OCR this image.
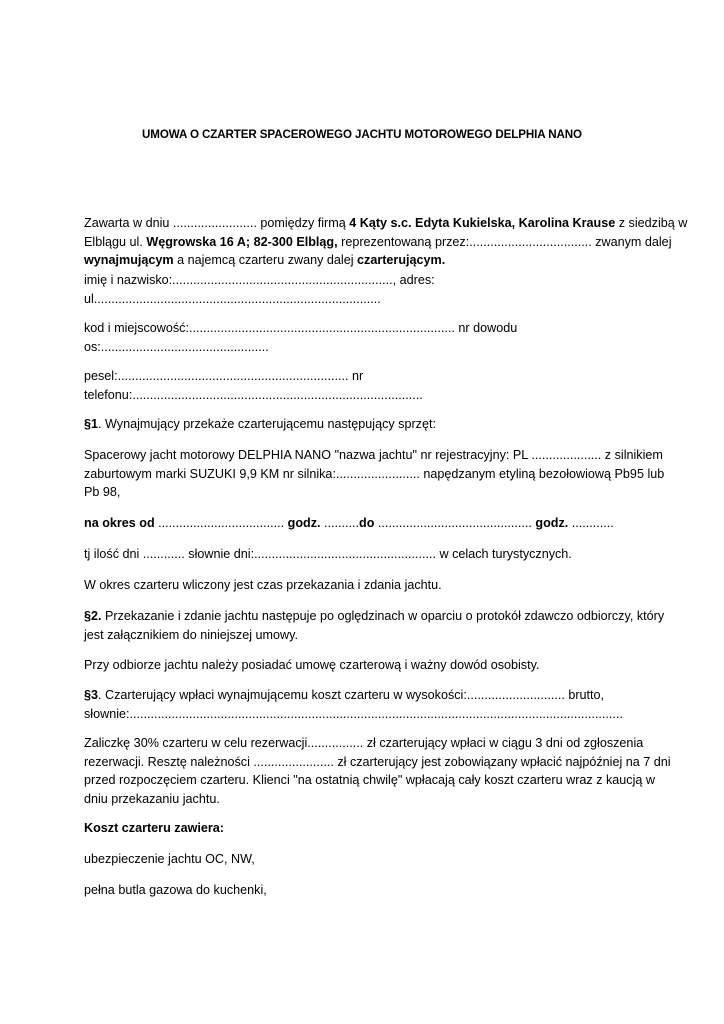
UMOWA O CZARTER SPACEROWEGO JACHTU MOTOROWEGO DELPHIA NANO
Zawarta w dniu ........................ pomiędzy firmą 4 Kąty s.c. Edyta Kukielska, Karolina Krause z siedzibą w
Elblągu ul. Węgrowska 16 A; 82-300 Elbląg, reprezentowaną przez:................................... zwanym dalej
wynajmującym a najemcą czarteru zwany dalej czarterującym.
imię i nazwisko:..............................................................., adres:
ul..................................................................................
kod i miejscowość:............................................................................ nr dowodu
os:................................................
pesel:.................................................................. nr
telefonu:...................................................................................
§1. Wynajmujący przekaże czarterującemu następujący sprzęt:
Spacerowy jacht motorowy DELPHIA NANO "nazwa jachtu" nr rejestracyjny: PL .................... z silnikiem
zaburtowym marki SUZUKI 9,9 KM nr silnika:........................ napędzanym etyliną bezołowiową Pb95 lub
Pb 98,
na okres od .................................... godz. ..........do ............................................ godz. ............
tj ilość dni ............ słownie dni:.................................................... w celach turystycznych.
W okres czarteru wliczony jest czas przekazania i zdania jachtu.
§2. Przekazanie i zdanie jachtu następuje po oględzinach w oparciu o protokół zdawczo odbiorczy, który
jest załącznikiem do niniejszej umowy.
Przy odbiorze jachtu należy posiadać umowę czarterową i ważny dowód osobisty.
§3. Czarterujący wpłaci wynajmującemu koszt czarteru w wysokości:............................ brutto,
słownie:.............................................................................................................................................
Zaliczkę 30% czarteru w celu rezerwacji................ zł czarterujący wpłaci w ciągu 3 dni od zgłoszenia
rezerwacji. Resztę należności ....................... zł czarterujący jest zobowiązany wpłacić najpóźniej na 7 dni
przed rozpoczęciem czarteru. Klienci "na ostatnią chwilę" wpłacają cały koszt czarteru wraz z kaucją w
dniu przekazaniu jachtu.
Koszt czarteru zawiera:
ubezpieczenie jachtu OC, NW,
pełna butla gazowa do kuchenki,
